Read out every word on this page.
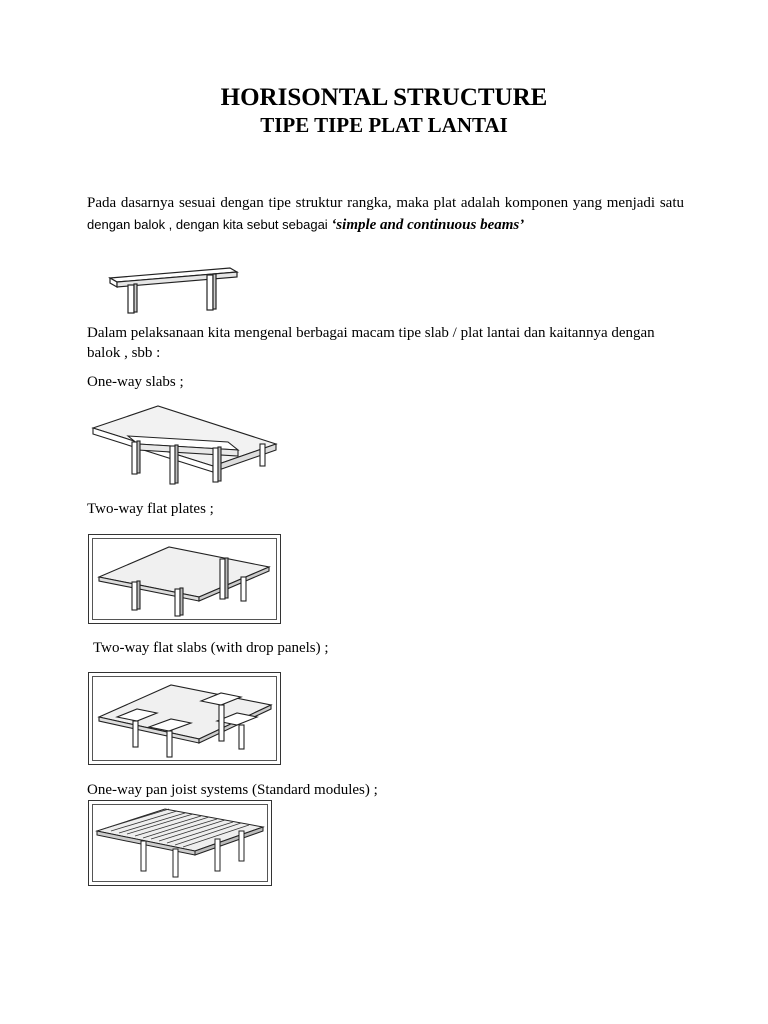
HORISONTAL STRUCTURE
TIPE TIPE PLAT LANTAI

Pada dasarnya sesuai dengan tipe struktur rangka, maka plat adalah komponen yang menjadi satu

dengan balok , dengan kita sebut sebagai ‘simple and continuous beams’

Dalam pelaksanaan kita mengenal berbagai macam tipe slab / plat lantai dan kaitannya dengan balok , sbb :

One-way slabs ;

Two-way flat plates ;

Two-way flat slabs (with drop panels) ;

One-way pan joist systems (Standard modules) ;
